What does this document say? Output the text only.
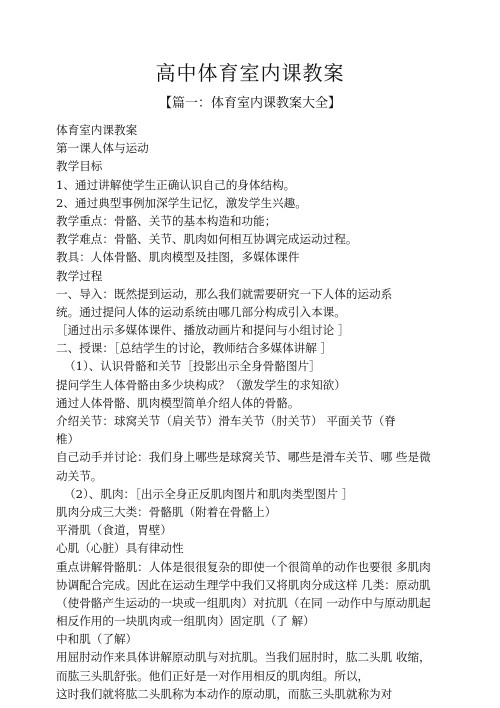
高中体育室内课教案
【篇一：体育室内课教案大全】
体育室内课教案
第一课人体与运动
教学目标
1、通过讲解使学生正确认识自己的身体结构。
2、通过典型事例加深学生记忆，激发学生兴趣。
教学重点：骨骼、关节的基本构造和功能；
教学难点：骨骼、关节、肌肉如何相互协调完成运动过程。
教具：人体骨骼、肌肉模型及挂图，多媒体课件
教学过程
一、导入：既然提到运动，那么我们就需要研究一下人体的运动系
统。通过提问人体的运动系统由哪几部分构成引入本课。
［通过出示多媒体课件、播放动画片和提问与小组讨论 ］
二、授课：［总结学生的讨论，教师结合多媒体讲解 ］
（1）、认识骨骼和关节［投影出示全身骨骼图片］
提问学生人体骨骼由多少块构成？（激发学生的求知欲）
通过人体骨骼、肌肉模型简单介绍人体的骨骼。
介绍关节：球窝关节（肩关节）滑车关节（肘关节） 平面关节（脊
椎）
自己动手并讨论：我们身上哪些是球窝关节、哪些是滑车关节、哪 些是微
动关节。
（2）、肌肉：［出示全身正反肌肉图片和肌肉类型图片 ］
肌肉分成三大类：骨骼肌（附着在骨骼上）
平滑肌（食道，胃壁）
心肌（心脏）具有律动性
重点讲解骨骼肌：人体是很很复杂的即使一个很简单的动作也要很 多肌肉
协调配合完成。因此在运动生理学中我们又将肌肉分成这样 几类：原动肌
（使骨骼产生运动的一块或一组肌肉）对抗肌（在同 一动作中与原动肌起
相反作用的一块肌肉或一组肌肉）固定肌（了 解）
中和肌（了解）
用屈肘动作来具体讲解原动肌与对抗肌。当我们屈肘时，肱二头肌 收缩，
而肱三头肌舒张。他们正好是一对作用相反的肌肉组。所以，
这时我们就将肱二头肌称为本动作的原动肌，而肱三头肌就称为对
